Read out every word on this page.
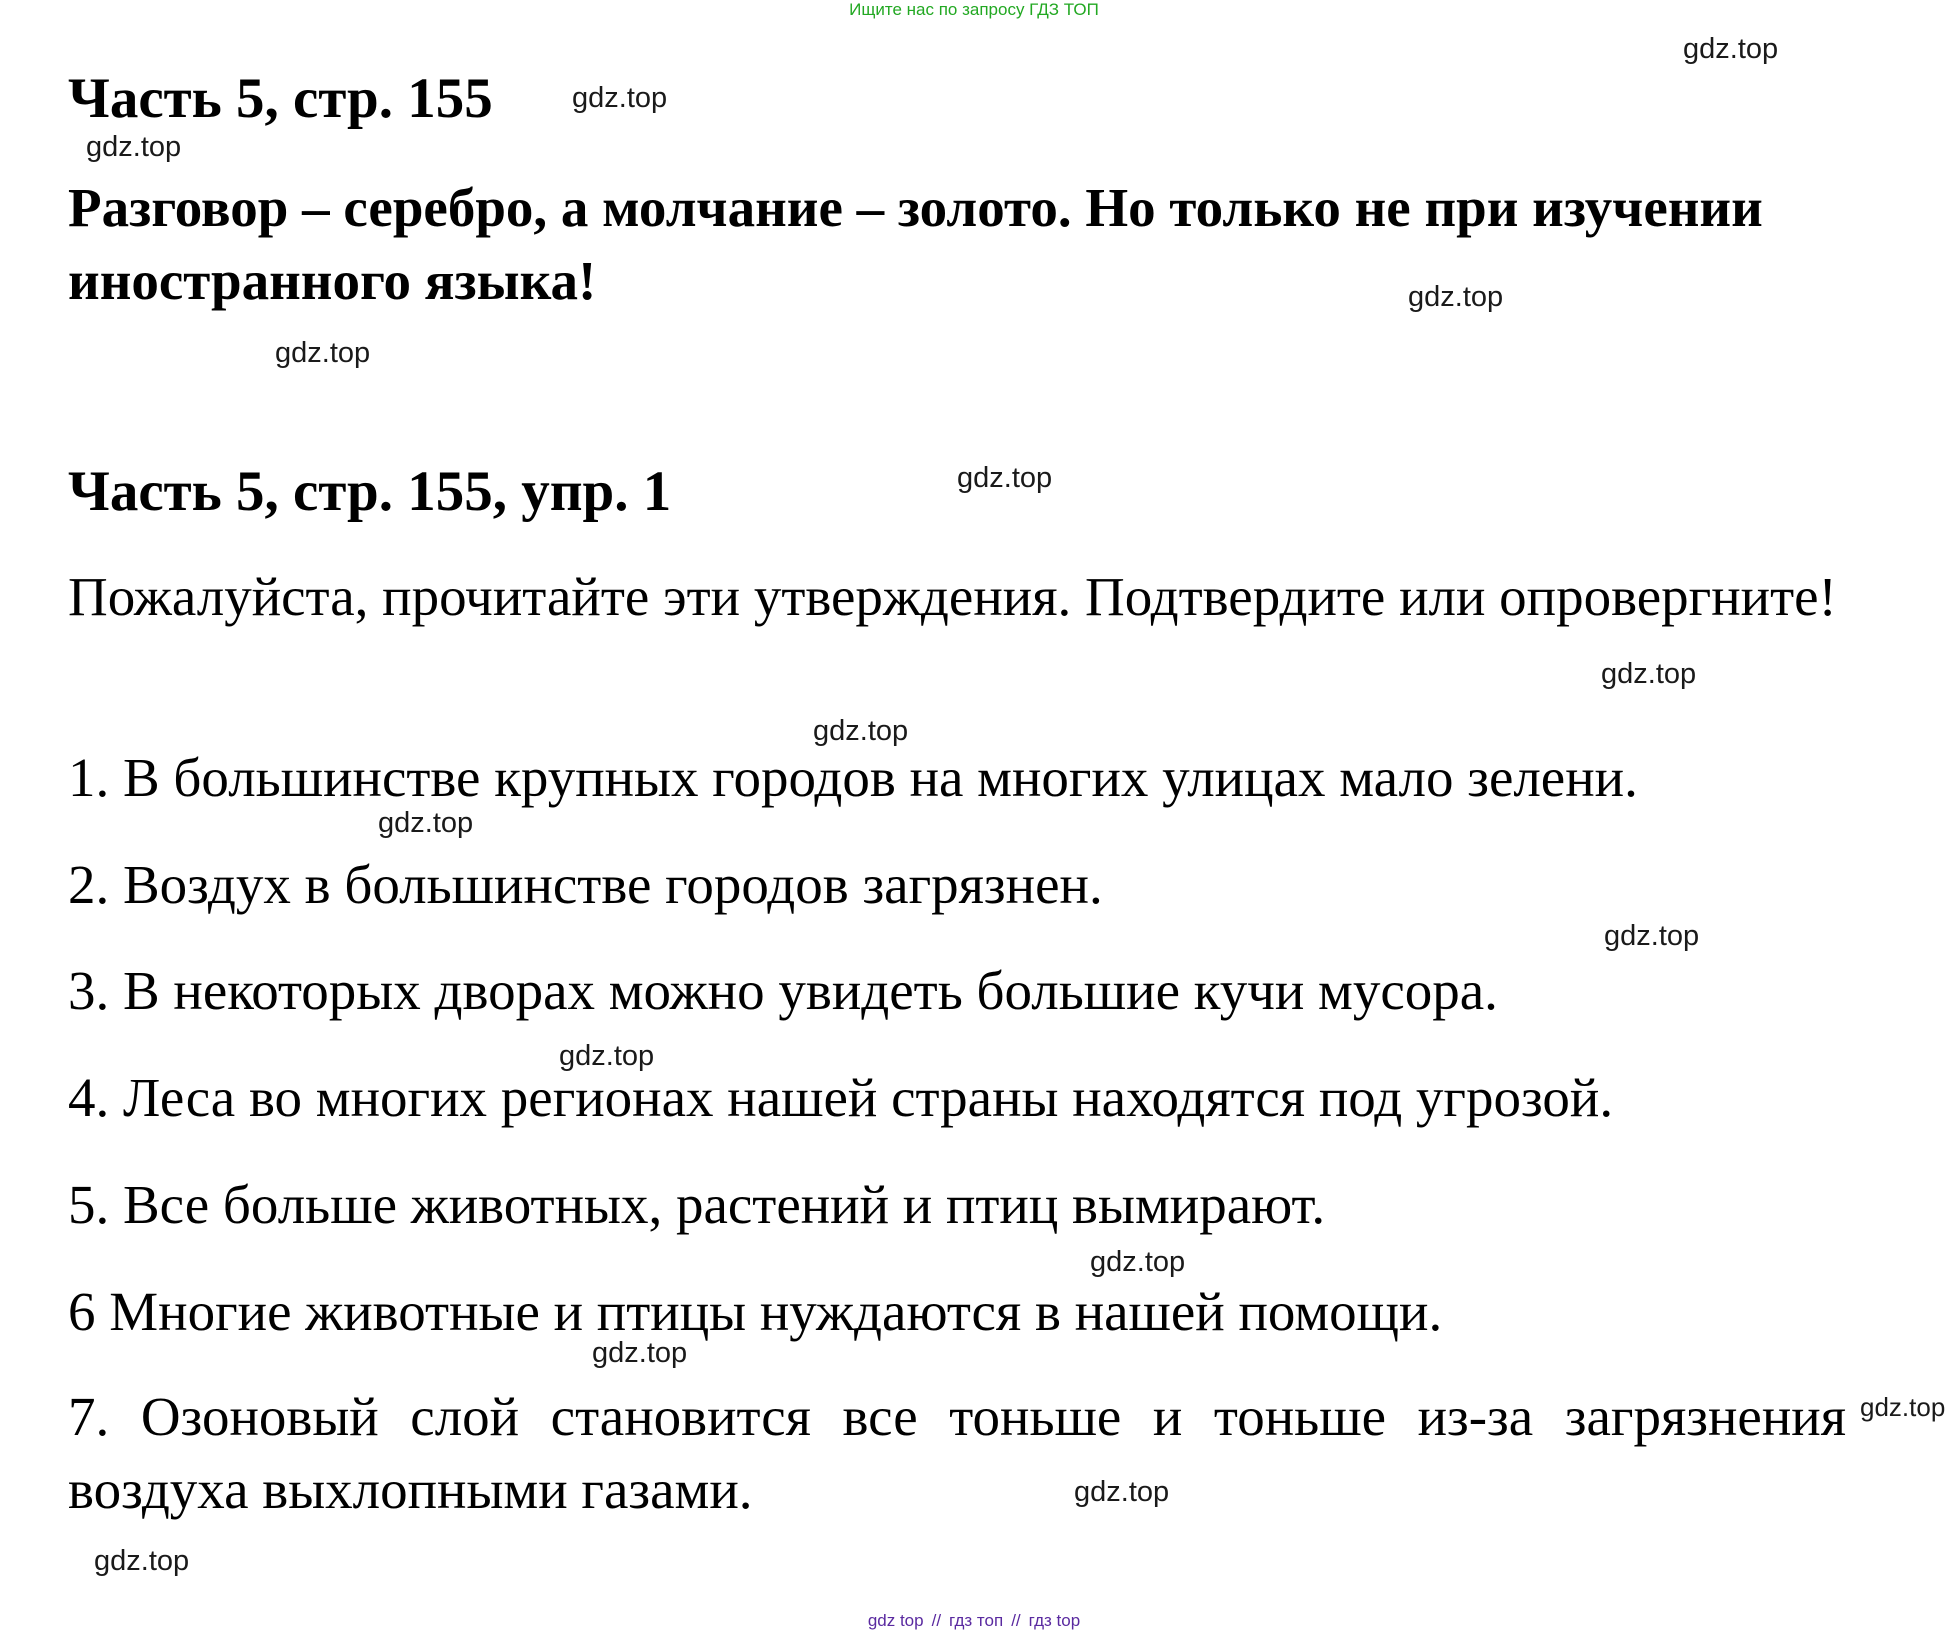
Ищите нас по запросу ГДЗ ТОП
Часть 5, стр. 155
Разговор – серебро, а молчание – золото. Но только не при изучении иностранного языка!
Часть 5, стр. 155, упр. 1
Пожалуйста, прочитайте эти утверждения. Подтвердите или опровергните!
1. В большинстве крупных городов на многих улицах мало зелени.
2. Воздух в большинстве городов загрязнен.
3. В некоторых дворах можно увидеть большие кучи мусора.
4. Леса во многих регионах нашей страны находятся под угрозой.
5. Все больше животных, растений и птиц вымирают.
6 Многие животные и птицы нуждаются в нашей помощи.
7. Озоновый слой становится все тоньше и тоньше из-за загрязнения воздуха выхлопными газами.
gdz.top
gdz.top
gdz.top
gdz.top
gdz.top
gdz.top
gdz.top
gdz.top
gdz.top
gdz.top
gdz.top
gdz.top
gdz.top
gdz.top
gdz.top
gdz.top
gdz top // гдз топ // гдз top
